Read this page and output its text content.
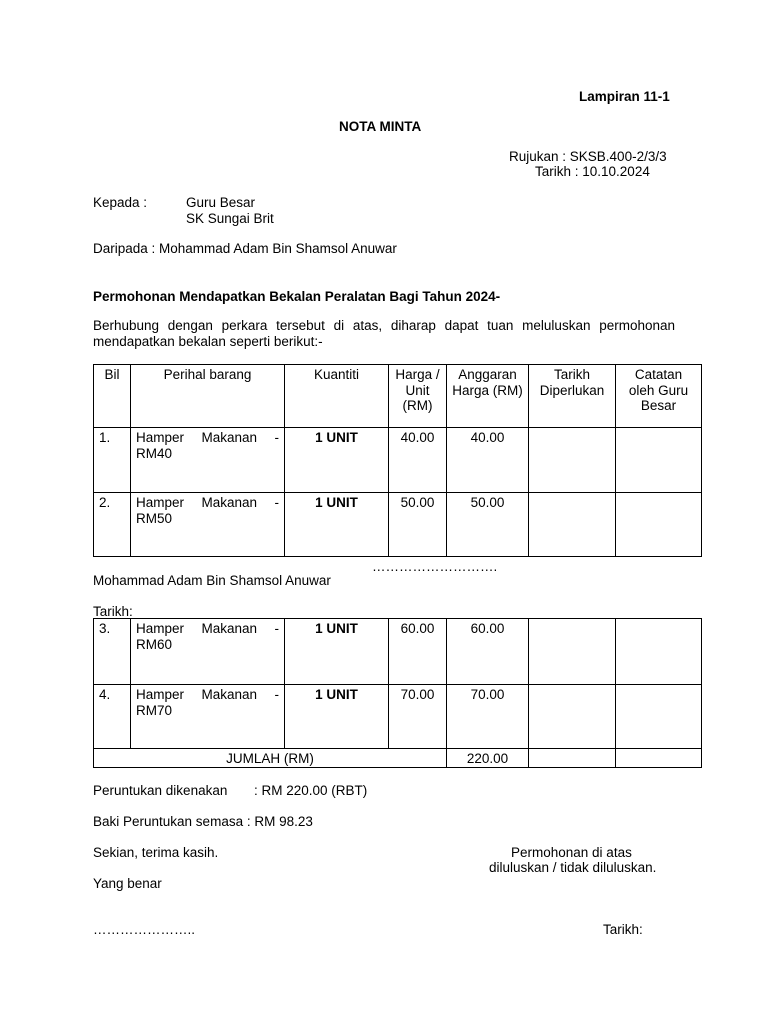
Lampiran 11-1
NOTA MINTA
Rujukan : SKSB.400-2/3/3
Tarikh : 10.10.2024
Kepada :	Guru Besar
SK Sungai Brit
Daripada : Mohammad Adam Bin Shamsol Anuwar
Permohonan Mendapatkan Bekalan Peralatan Bagi Tahun 2024-
Berhubung dengan perkara tersebut di atas, diharap dapat tuan meluluskan permohonan mendapatkan bekalan seperti berikut:-
Bil	Perihal barang	Kuantiti	Harga / Unit (RM)	Anggaran Harga (RM)	Tarikh Diperlukan	Catatan oleh Guru Besar
1.	Hamper Makanan - RM40	1 UNIT	40.00	40.00		
2.	Hamper Makanan - RM50	1 UNIT	50.00	50.00		
……………………….
Mohammad Adam Bin Shamsol Anuwar
Tarikh:
3.	Hamper Makanan - RM60	1 UNIT	60.00	60.00		
4.	Hamper Makanan - RM70	1 UNIT	70.00	70.00		
JUMLAH (RM)				220.00		
Peruntukan dikenakan : RM 220.00 (RBT)
Baki Peruntukan semasa : RM 98.23
Sekian, terima kasih.
Yang benar
…………………..
Permohonan di atas
diluluskan / tidak diluluskan.
Tarikh:
